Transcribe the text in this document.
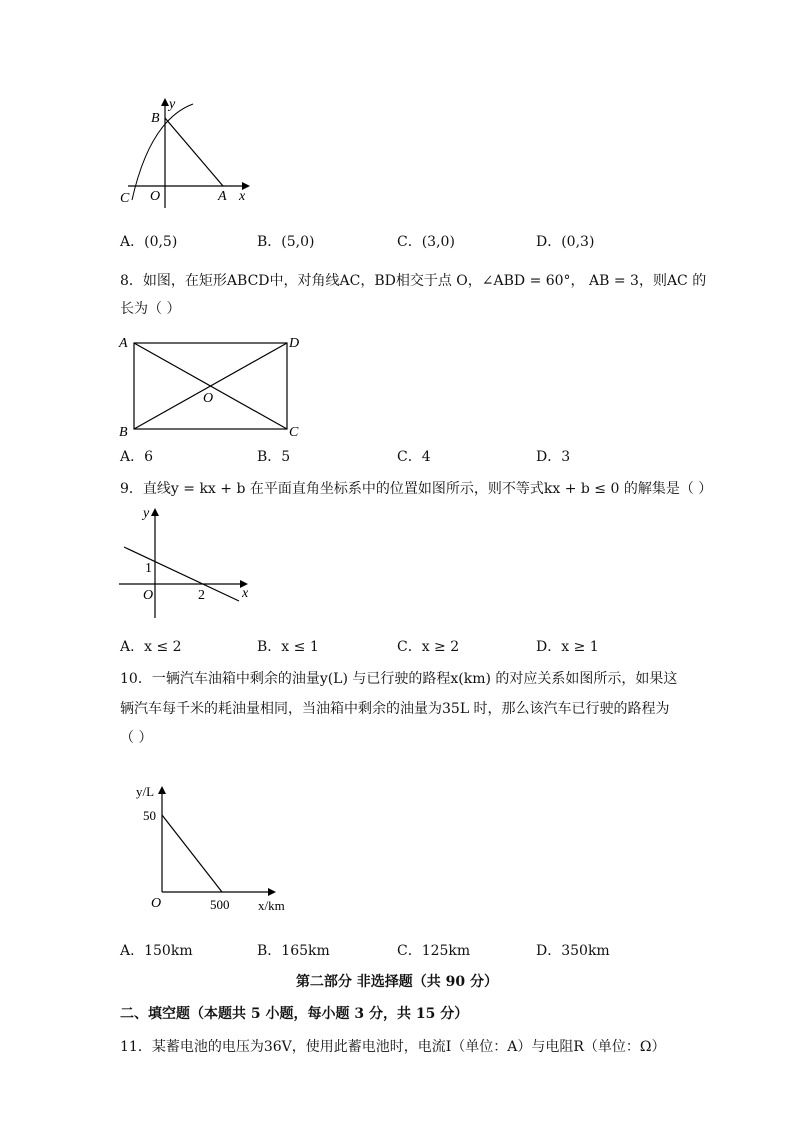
B
y
C O	A x
A．(0,5)	B．(5,0)	C．(3,0)	D．(0,3)
8．如图，在矩形ABCD中，对角线AC，BD相交于点 O，∠ABD = 60°， AB = 3，则AC 的
长为（ ）
A	D
O
B	C
A．6	B．5	C．4	D．3
9．直线y = kx + b 在平面直角坐标系中的位置如图所示，则不等式kx + b ≤ 0 的解集是（ ）
y
1
O	2	x
A．x ≤ 2	B．x ≤ 1	C．x ≥ 2	D．x ≥ 1
10．一辆汽车油箱中剩余的油量y(L) 与已行驶的路程x(km) 的对应关系如图所示，如果这
辆汽车每千米的耗油量相同，当油箱中剩余的油量为35L 时，那么该汽车已行驶的路程为
（ ）
y/L
50
O	500 x/km
A．150km	B．165km	C．125km	D．350km
第二部分 非选择题（共 90 分）
二、填空题（本题共 5 小题，每小题 3 分，共 15 分）
11．某蓄电池的电压为36V，使用此蓄电池时，电流I（单位：A）与电阻R（单位：Ω）
